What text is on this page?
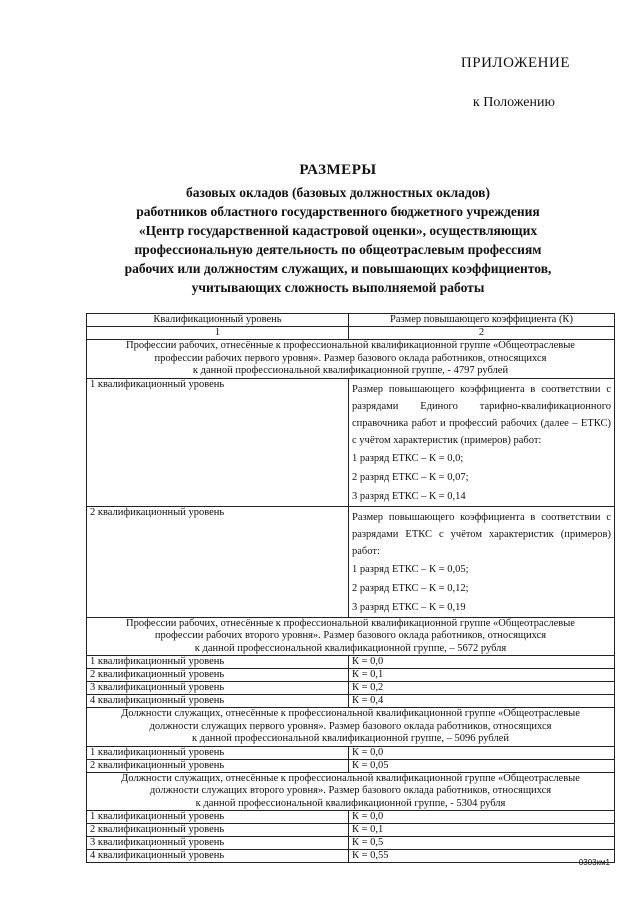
ПРИЛОЖЕНИЕ
к Положению
РАЗМЕРЫ
базовых окладов (базовых должностных окладов)
работников областного государственного бюджетного учреждения
«Центр государственной кадастровой оценки», осуществляющих
профессиональную деятельность по общеотраслевым профессиям
рабочих или должностям служащих, и повышающих коэффициентов,
учитывающих сложность выполняемой работы
Квалификационный уровень	Размер повышающего коэффициента (К)
1	2

Профессии рабочих, отнесённые к профессиональной квалификационной группе «Общеотраслевые
профессии рабочих первого уровня». Размер базового оклада работников, относящихся
к данной профессиональной квалификационной группе, - 4797 рублей	

1 квалификационный уровень	Размер повышающего коэффициента в соответствии с разрядами Единого тарифно-квалификационного справочника работ и профессий рабочих (далее – ЕТКС) с учётом характеристик (примеров) работ:
1 разряд ЕТКС – К = 0,0;
2 разряд ЕТКС – К = 0,07;
3 разряд ЕТКС – К = 0,14

2 квалификационный уровень	Размер повышающего коэффициента в соответствии с разрядами ЕТКС с учётом характеристик (примеров) работ:
1 разряд ЕТКС – К = 0,05;
2 разряд ЕТКС – К = 0,12;
3 разряд ЕТКС – К = 0,19

Профессии рабочих, отнесённые к профессиональной квалификационной группе «Общеотраслевые
профессии рабочих второго уровня». Размер базового оклада работников, относящихся
к данной профессиональной квалификационной группе, – 5672 рубля	

1 квалификационный уровень	К = 0,0
2 квалификационный уровень	К = 0,1
3 квалификационный уровень	К = 0,2
4 квалификационный уровень	К = 0,4

Должности служащих, отнесённые к профессиональной квалификационной группе «Общеотраслевые
должности служащих первого уровня». Размер базового оклада работников, относящихся
к данной профессиональной квалификационной группе, – 5096 рублей	

1 квалификационный уровень	К = 0,0
2 квалификационный уровень	К = 0,05

Должности служащих, отнесённые к профессиональной квалификационной группе «Общеотраслевые
должности служащих второго уровня». Размер базового оклада работников, относящихся
к данной профессиональной квалификационной группе, - 5304 рубля	

1 квалификационный уровень	К = 0,0
2 квалификационный уровень	К = 0,1
3 квалификационный уровень	К = 0,5
4 квалификационный уровень	К = 0,55
0303км1
